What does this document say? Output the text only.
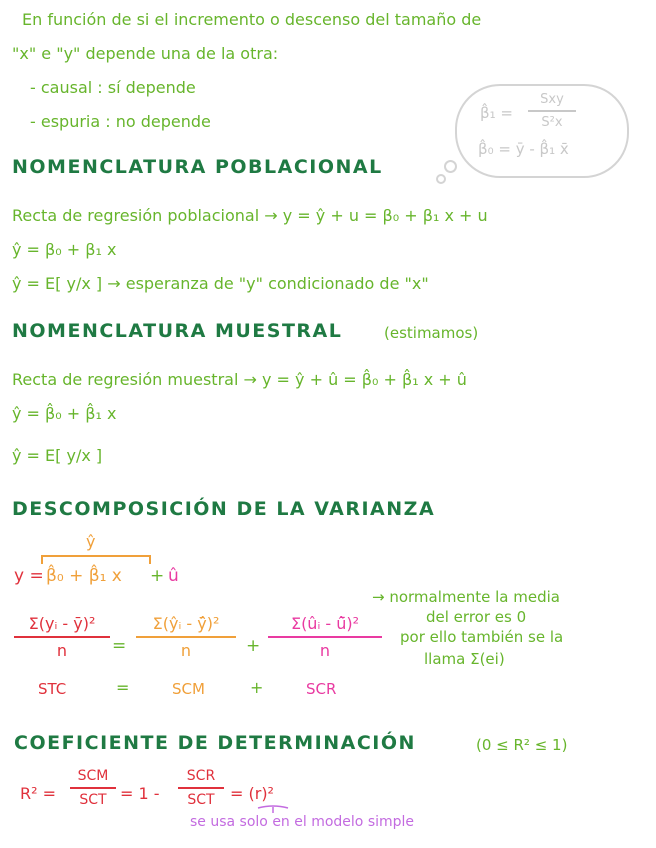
En función de si el incremento o descenso del tamaño de
"x" e "y" depende una de la otra:
- causal : sí depende
- espuria : no depende	β̂₁ =
Sxy
S²x
β̂₀ = ȳ - β̂₁ x̄
NOMENCLATURA POBLACIONAL
Recta de regresión poblacional → y = ŷ + u = β₀ + β₁ x + u
ŷ = β₀ + β₁ x
ŷ = E[ y/x ] → esperanza de "y" condicionado de "x"
NOMENCLATURA MUESTRAL	(estimamos)
Recta de regresión muestral → y = ŷ + û = β̂₀ + β̂₁ x + û
ŷ = β̂₀ + β̂₁ x
ŷ = E[ y/x ]
DESCOMPOSICIÓN DE LA VARIANZA
ŷ
y = β̂₀ + β̂₁ x + û
Σ(yᵢ - ȳ)²
n	=
Σ(ŷᵢ - ȳ̂)²
n	+
Σ(ûᵢ - û̄)²
n
STC	=	SCM	+	SCR
→ normalmente la media
del error es 0
por ello también se la
llama Σ(ei)
COEFICIENTE DE DETERMINACIÓN	(0 ≤ R² ≤ 1)
R² =
SCM
SCT = 1 -
SCR
SCT = (r)²
se usa solo en el modelo simple
